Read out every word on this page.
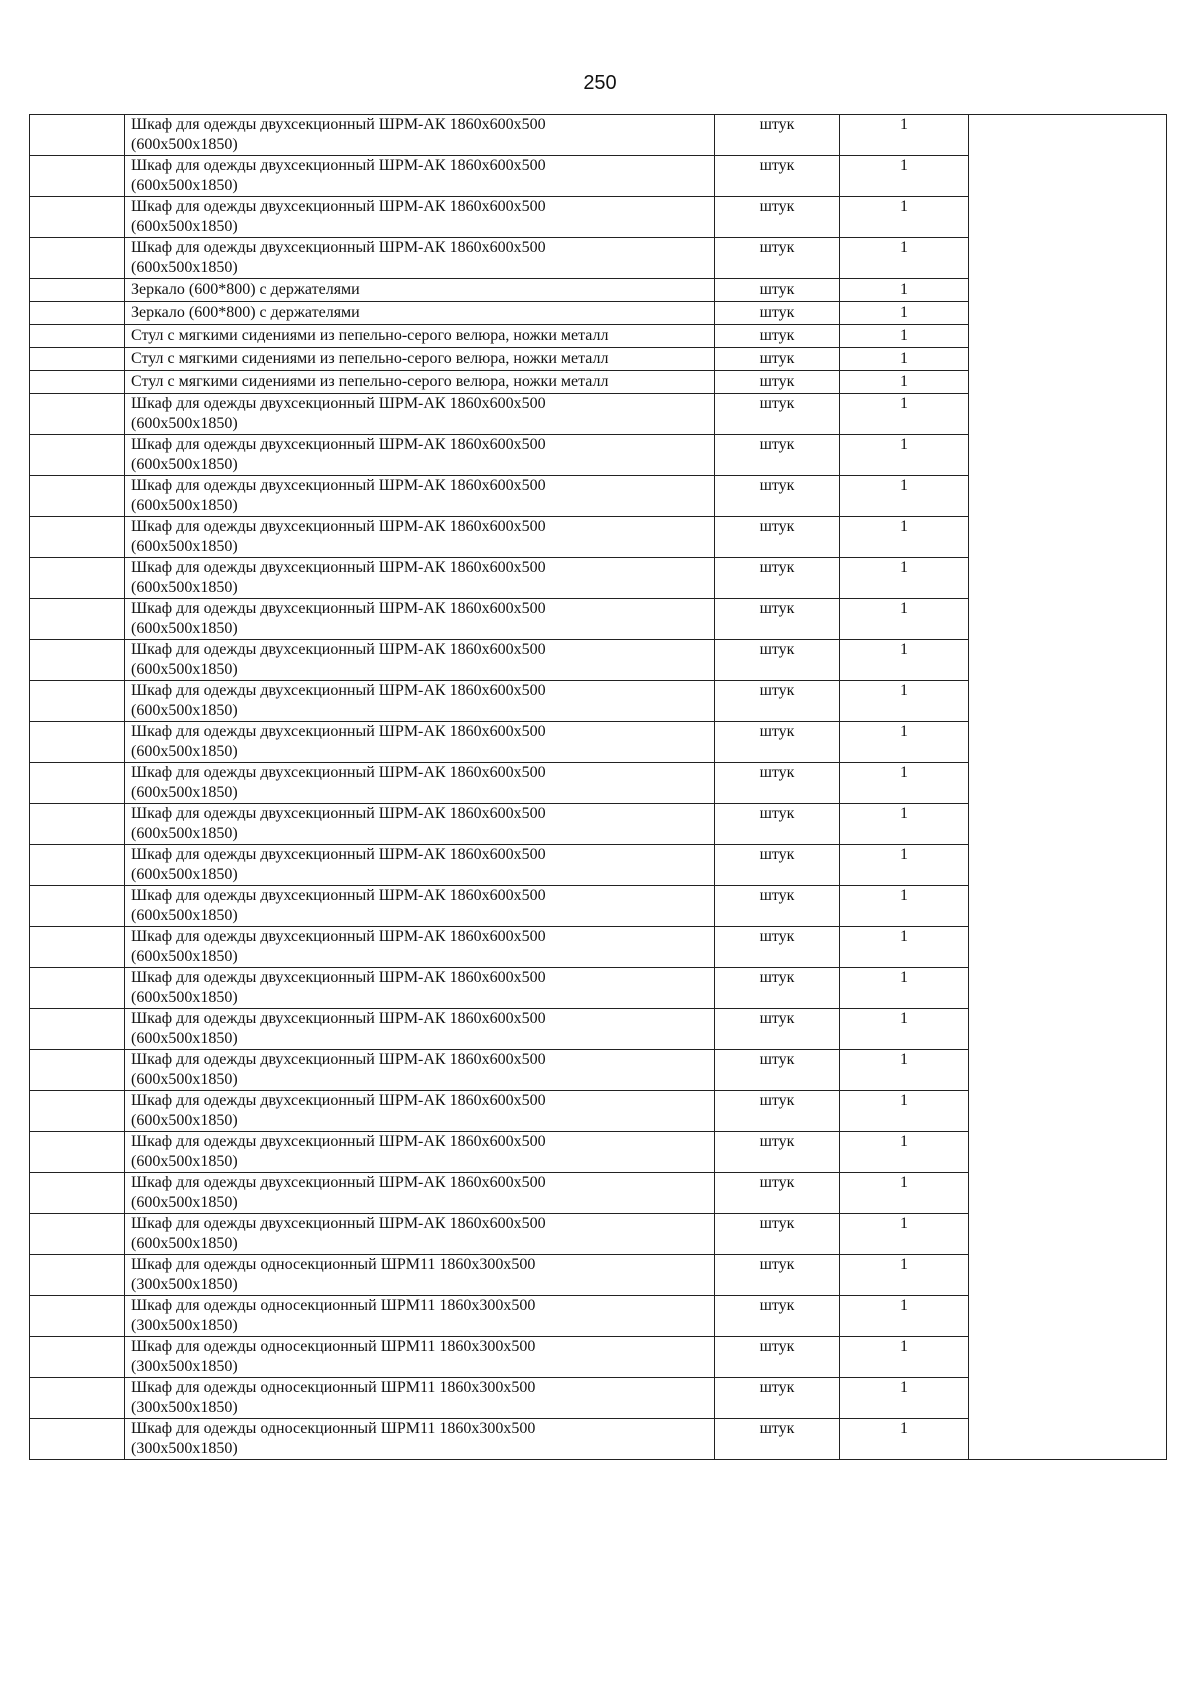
250

	Шкаф для одежды двухсекционный ШРМ-АК 1860x600x500
(600x500x1850)	штук	1	

	Шкаф для одежды двухсекционный ШРМ-АК 1860x600x500
(600x500x1850)	штук	1	

	Шкаф для одежды двухсекционный ШРМ-АК 1860x600x500
(600x500x1850)	штук	1	

	Шкаф для одежды двухсекционный ШРМ-АК 1860x600x500
(600x500x1850)	штук	1	

	Зеркало (600*800) с держателями	штук	1	

	Зеркало (600*800) с держателями	штук	1	

	Стул с мягкими сидениями из пепельно-серого велюра, ножки металл	штук	1	

	Стул с мягкими сидениями из пепельно-серого велюра, ножки металл	штук	1	

	Стул с мягкими сидениями из пепельно-серого велюра, ножки металл	штук	1	

	Шкаф для одежды двухсекционный ШРМ-АК 1860x600x500
(600x500x1850)	штук	1	

	Шкаф для одежды двухсекционный ШРМ-АК 1860x600x500
(600x500x1850)	штук	1	

	Шкаф для одежды двухсекционный ШРМ-АК 1860x600x500
(600x500x1850)	штук	1	

	Шкаф для одежды двухсекционный ШРМ-АК 1860x600x500
(600x500x1850)	штук	1	

	Шкаф для одежды двухсекционный ШРМ-АК 1860x600x500
(600x500x1850)	штук	1	

	Шкаф для одежды двухсекционный ШРМ-АК 1860x600x500
(600x500x1850)	штук	1	

	Шкаф для одежды двухсекционный ШРМ-АК 1860x600x500
(600x500x1850)	штук	1	

	Шкаф для одежды двухсекционный ШРМ-АК 1860x600x500
(600x500x1850)	штук	1	

	Шкаф для одежды двухсекционный ШРМ-АК 1860x600x500
(600x500x1850)	штук	1	

	Шкаф для одежды двухсекционный ШРМ-АК 1860x600x500
(600x500x1850)	штук	1	

	Шкаф для одежды двухсекционный ШРМ-АК 1860x600x500
(600x500x1850)	штук	1	

	Шкаф для одежды двухсекционный ШРМ-АК 1860x600x500
(600x500x1850)	штук	1	

	Шкаф для одежды двухсекционный ШРМ-АК 1860x600x500
(600x500x1850)	штук	1	

	Шкаф для одежды двухсекционный ШРМ-АК 1860x600x500
(600x500x1850)	штук	1	

	Шкаф для одежды двухсекционный ШРМ-АК 1860x600x500
(600x500x1850)	штук	1	

	Шкаф для одежды двухсекционный ШРМ-АК 1860x600x500
(600x500x1850)	штук	1	

	Шкаф для одежды двухсекционный ШРМ-АК 1860x600x500
(600x500x1850)	штук	1	

	Шкаф для одежды двухсекционный ШРМ-АК 1860x600x500
(600x500x1850)	штук	1	

	Шкаф для одежды двухсекционный ШРМ-АК 1860x600x500
(600x500x1850)	штук	1	

	Шкаф для одежды двухсекционный ШРМ-АК 1860x600x500
(600x500x1850)	штук	1	

	Шкаф для одежды двухсекционный ШРМ-АК 1860x600x500
(600x500x1850)	штук	1	

	Шкаф для одежды односекционный ШРМ11 1860x300x500
(300x500x1850)	штук	1	

	Шкаф для одежды односекционный ШРМ11 1860x300x500
(300x500x1850)	штук	1	

	Шкаф для одежды односекционный ШРМ11 1860x300x500
(300x500x1850)	штук	1	

	Шкаф для одежды односекционный ШРМ11 1860x300x500
(300x500x1850)	штук	1	

	Шкаф для одежды односекционный ШРМ11 1860x300x500
(300x500x1850)	штук	1	
